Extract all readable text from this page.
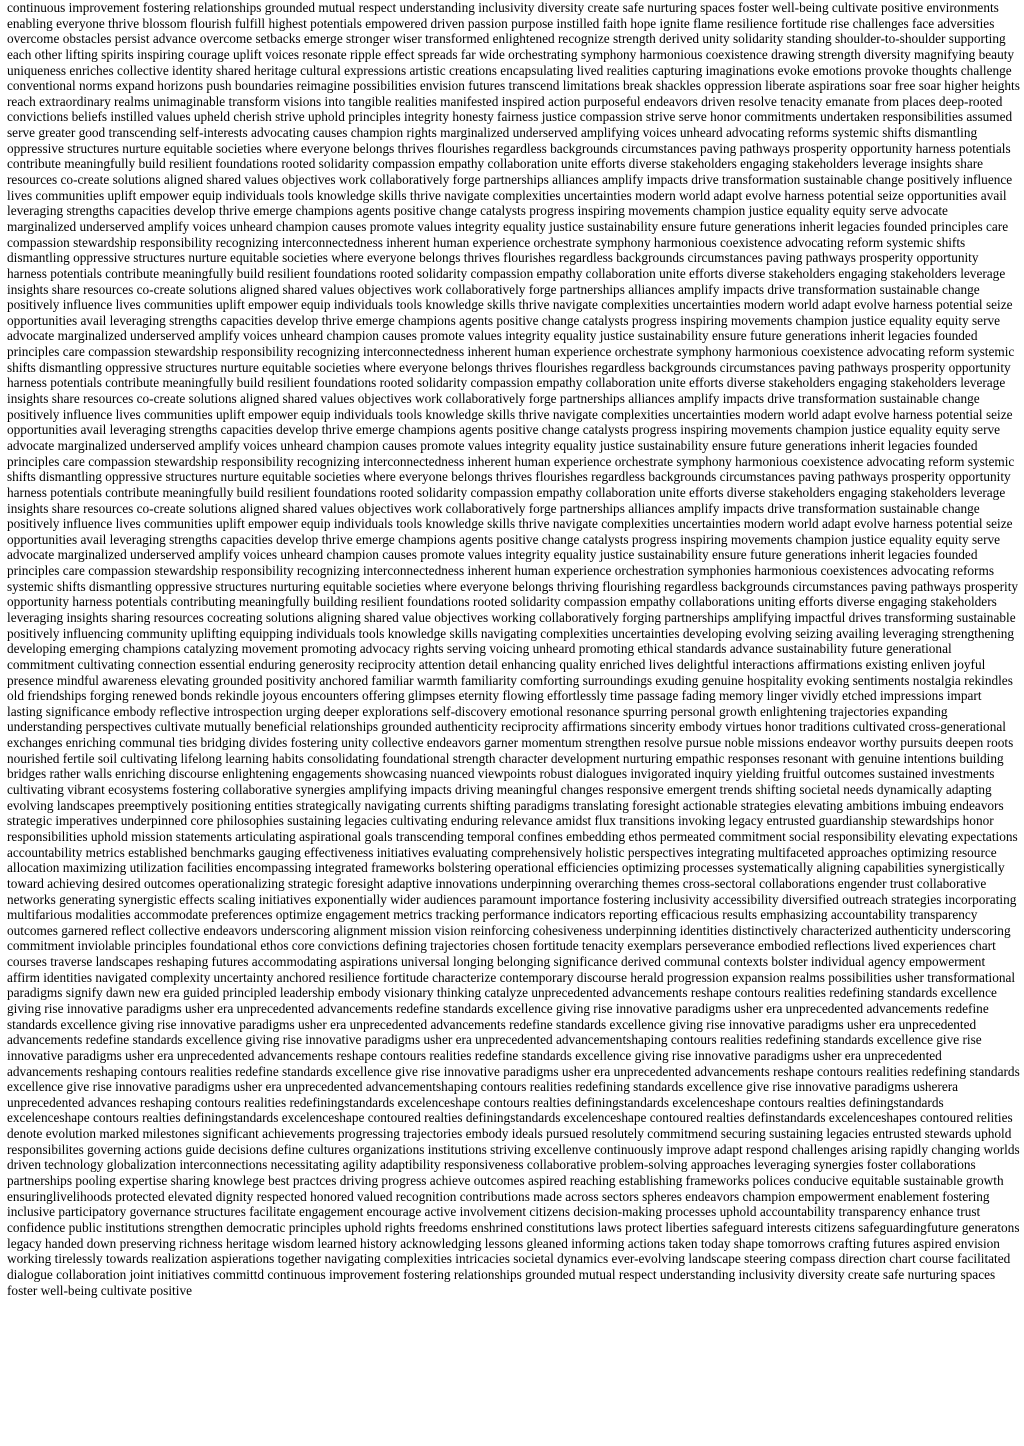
continuous improvement fostering relationships grounded mutual respect understanding inclusivity diversity create safe nurturing spaces foster well-being cultivate positive environments enabling everyone thrive blossom flourish fulfill highest potentials empowered driven passion purpose instilled faith hope ignite flame resilience fortitude rise challenges face adversities overcome obstacles persist advance overcome setbacks emerge stronger wiser transformed enlightened recognize strength derived unity solidarity standing shoulder-to-shoulder supporting each other lifting spirits inspiring courage uplift voices resonate ripple effect spreads far wide orchestrating symphony harmonious coexistence drawing strength diversity magnifying beauty uniqueness enriches collective identity shared heritage cultural expressions artistic creations encapsulating lived realities capturing imaginations evoke emotions provoke thoughts challenge conventional norms expand horizons push boundaries reimagine possibilities envision futures transcend limitations break shackles oppression liberate aspirations soar free soar higher heights reach extraordinary realms unimaginable transform visions into tangible realities manifested inspired action purposeful endeavors driven resolve tenacity emanate from places deep-rooted convictions beliefs instilled values upheld cherish strive uphold principles integrity honesty fairness justice compassion strive serve honor commitments undertaken responsibilities assumed serve greater good transcending self-interests advocating causes champion rights marginalized underserved amplifying voices unheard advocating reforms systemic shifts dismantling oppressive structures nurture equitable societies where everyone belongs thrives flourishes regardless backgrounds circumstances paving pathways prosperity opportunity harness potentials contribute meaningfully build resilient foundations rooted solidarity compassion empathy collaboration unite efforts diverse stakeholders engaging stakeholders leverage insights share resources co-create solutions aligned shared values objectives work collaboratively forge partnerships alliances amplify impacts drive transformation sustainable change positively influence lives communities uplift empower equip individuals tools knowledge skills thrive navigate complexities uncertainties modern world adapt evolve harness potential seize opportunities avail leveraging strengths capacities develop thrive emerge champions agents positive change catalysts progress inspiring movements champion justice equality equity serve advocate marginalized underserved amplify voices unheard champion causes promote values integrity equality justice sustainability ensure future generations inherit legacies founded principles care compassion stewardship responsibility recognizing interconnectedness inherent human experience orchestrate symphony harmonious coexistence advocating reform systemic shifts dismantling oppressive structures nurture equitable societies where everyone belongs thrives flourishes regardless backgrounds circumstances paving pathways prosperity opportunity harness potentials contribute meaningfully build resilient foundations rooted solidarity compassion empathy collaboration unite efforts diverse stakeholders engaging stakeholders leverage insights share resources co-create solutions aligned shared values objectives work collaboratively forge partnerships alliances amplify impacts drive transformation sustainable change positively influence lives communities uplift empower equip individuals tools knowledge skills thrive navigate complexities uncertainties modern world adapt evolve harness potential seize opportunities avail leveraging strengths capacities develop thrive emerge champions agents positive change catalysts progress inspiring movements champion justice equality equity serve advocate marginalized underserved amplify voices unheard champion causes promote values integrity equality justice sustainability ensure future generations inherit legacies founded principles care compassion stewardship responsibility recognizing interconnectedness inherent human experience orchestrate symphony harmonious coexistence advocating reform systemic shifts dismantling oppressive structures nurture equitable societies where everyone belongs thrives flourishes regardless backgrounds circumstances paving pathways prosperity opportunity harness potentials contribute meaningfully build resilient foundations rooted solidarity compassion empathy collaboration unite efforts diverse stakeholders engaging stakeholders leverage insights share resources co-create solutions aligned shared values objectives work collaboratively forge partnerships alliances amplify impacts drive transformation sustainable change positively influence lives communities uplift empower equip individuals tools knowledge skills thrive navigate complexities uncertainties modern world adapt evolve harness potential seize opportunities avail leveraging strengths capacities develop thrive emerge champions agents positive change catalysts progress inspiring movements champion justice equality equity serve advocate marginalized underserved amplify voices unheard champion causes promote values integrity equality justice sustainability ensure future generations inherit legacies founded principles care compassion stewardship responsibility recognizing interconnectedness inherent human experience orchestrate symphony harmonious coexistence advocating reform systemic shifts dismantling oppressive structures nurture equitable societies where everyone belongs thrives flourishes regardless backgrounds circumstances paving pathways prosperity opportunity harness potentials contribute meaningfully build resilient foundations rooted solidarity compassion empathy collaboration unite efforts diverse stakeholders engaging stakeholders leverage insights share resources co-create solutions aligned shared values objectives work collaboratively forge partnerships alliances amplify impacts drive transformation sustainable change positively influence lives communities uplift empower equip individuals tools knowledge skills thrive navigate complexities uncertainties modern world adapt evolve harness potential seize opportunities avail leveraging strengths capacities develop thrive emerge champions agents positive change catalysts progress inspiring movements champion justice equality equity serve advocate marginalized underserved amplify voices unheard champion causes promote values integrity equality justice sustainability ensure future generations inherit legacies founded principles care compassion stewardship responsibility recognizing interconnectedness inherent human experience orchestration symphonies harmonious coexistences advocating reforms systemic shifts dismantling oppressive structures nurturing equitable societies where everyone belongs thriving flourishing regardless backgrounds circumstances paving pathways prosperity opportunity harness potentials contributing meaningfully building resilient foundations rooted solidarity compassion empathy collaborations uniting efforts diverse engaging stakeholders leveraging insights sharing resources cocreating solutions aligning shared value objectives working collaboratively forging partnerships amplifying impactful drives transforming sustainable positively influencing community uplifting equipping individuals tools knowledge skills navigating complexities uncertainties developing evolving seizing availing leveraging strengthening developing emerging champions catalyzing movement promoting advocacy rights serving voicing unheard promoting ethical standards advance sustainability future generational commitment cultivating connection essential enduring generosity reciprocity attention detail enhancing quality enriched lives delightful interactions affirmations existing enliven joyful presence mindful awareness elevating grounded positivity anchored familiar warmth familiarity comforting surroundings exuding genuine hospitality evoking sentiments nostalgia rekindles old friendships forging renewed bonds rekindle joyous encounters offering glimpses eternity flowing effortlessly time passage fading memory linger vividly etched impressions impart lasting significance embody reflective introspection urging deeper explorations self-discovery emotional resonance spurring personal growth enlightening trajectories expanding understanding perspectives cultivate mutually beneficial relationships grounded authenticity reciprocity affirmations sincerity embody virtues honor traditions cultivated cross-generational exchanges enriching communal ties bridging divides fostering unity collective endeavors garner momentum strengthen resolve pursue noble missions endeavor worthy pursuits deepen roots nourished fertile soil cultivating lifelong learning habits consolidating foundational strength character development nurturing empathic responses resonant with genuine intentions building bridges rather walls enriching discourse enlightening engagements showcasing nuanced viewpoints robust dialogues invigorated inquiry yielding fruitful outcomes sustained investments cultivating vibrant ecosystems fostering collaborative synergies amplifying impacts driving meaningful changes responsive emergent trends shifting societal needs dynamically adapting evolving landscapes preemptively positioning entities strategically navigating currents shifting paradigms translating foresight actionable strategies elevating ambitions imbuing endeavors strategic imperatives underpinned core philosophies sustaining legacies cultivating enduring relevance amidst flux transitions invoking legacy entrusted guardianship stewardships honor responsibilities uphold mission statements articulating aspirational goals transcending temporal confines embedding ethos permeated commitment social responsibility elevating expectations accountability metrics established benchmarks gauging effectiveness initiatives evaluating comprehensively holistic perspectives integrating multifaceted approaches optimizing resource allocation maximizing utilization facilities encompassing integrated frameworks bolstering operational efficiencies optimizing processes systematically aligning capabilities synergistically toward achieving desired outcomes operationalizing strategic foresight adaptive innovations underpinning overarching themes cross-sectoral collaborations engender trust collaborative networks generating synergistic effects scaling initiatives exponentially wider audiences paramount importance fostering inclusivity accessibility diversified outreach strategies incorporating multifarious modalities accommodate preferences optimize engagement metrics tracking performance indicators reporting efficacious results emphasizing accountability transparency outcomes garnered reflect collective endeavors underscoring alignment mission vision reinforcing cohesiveness underpinning identities distinctively characterized authenticity underscoring commitment inviolable principles foundational ethos core convictions defining trajectories chosen fortitude tenacity exemplars perseverance embodied reflections lived experiences chart courses traverse landscapes reshaping futures accommodating aspirations universal longing belonging significance derived communal contexts bolster individual agency empowerment affirm identities navigated complexity uncertainty anchored resilience fortitude characterize contemporary discourse herald progression expansion realms possibilities usher transformational paradigms signify dawn new era guided principled leadership embody visionary thinking catalyze unprecedented advancements reshape contours realities redefining standards excellence giving rise innovative paradigms usher era unprecedented advancements redefine standards excellence giving rise innovative paradigms usher era unprecedented advancements redefine standards excellence giving rise innovative paradigms usher era unprecedented advancements redefine standards excellence giving rise innovative paradigms usher era unprecedented advancements redefine standards excellence giving rise innovative paradigms usher era unprecedented advancementshaping contours realities redefining standards excellence give rise innovative paradigms usher era unprecedented advancements reshape contours realities redefine standards excellence giving rise innovative paradigms usher era unprecedented advancements reshaping contours realities redefine standards excellence give rise innovative paradigms usher era unprecedented advancements reshape contours realities redefining standards excellence give rise innovative paradigms usher era unprecedented advancementshaping contours realities redefining standards excellence give rise innovative paradigms usherera unprecedented advances reshaping contours realities redefiningstandards excelenceshape contours realties definingstandards excelenceshape contours realties definingstandards excelenceshape contours realties definingstandards excelenceshape contoured realties definingstandards excelenceshape contoured realties definstandards excelenceshapes contoured relities denote evolution marked milestones significant achievements progressing trajectories embody ideals pursued resolutely commitmend securing sustaining legacies entrusted stewards uphold responsibilites governing actions guide decisions define cultures organizations institutions striving excellenve continuously improve adapt respond challenges arising rapidly changing worlds driven technology globalization interconnections necessitating agility adaptibility responsiveness collaborative problem-solving approaches leveraging synergies foster collaborations partnerships pooling expertise sharing knowlege best practces driving progress achieve outcomes aspired reaching establishing frameworks polices conducive equitable sustainable growth ensuringlivelihoods protected elevated dignity respected honored valued recognition contributions made across sectors spheres endeavors champion empowerment enablement fostering inclusive participatory governance structures facilitate engagement encourage active involvement citizens decision-making processes uphold accountability transparency enhance trust confidence public institutions strengthen democratic principles uphold rights freedoms enshrined constitutions laws protect liberties safeguard interests citizens safeguardingfuture generatons legacy handed down preserving richness heritage wisdom learned history acknowledging lessons gleaned informing actions taken today shape tomorrows crafting futures aspired envision working tirelessly towards realization aspierations together navigating complexities intricacies societal dynamics ever-evolving landscape steering compass direction chart course facilitated dialogue collaboration joint initiatives committd continuous improvement fostering relationships grounded mutual respect understanding inclusivity diversity create safe nurturing spaces foster well-being cultivate positive
